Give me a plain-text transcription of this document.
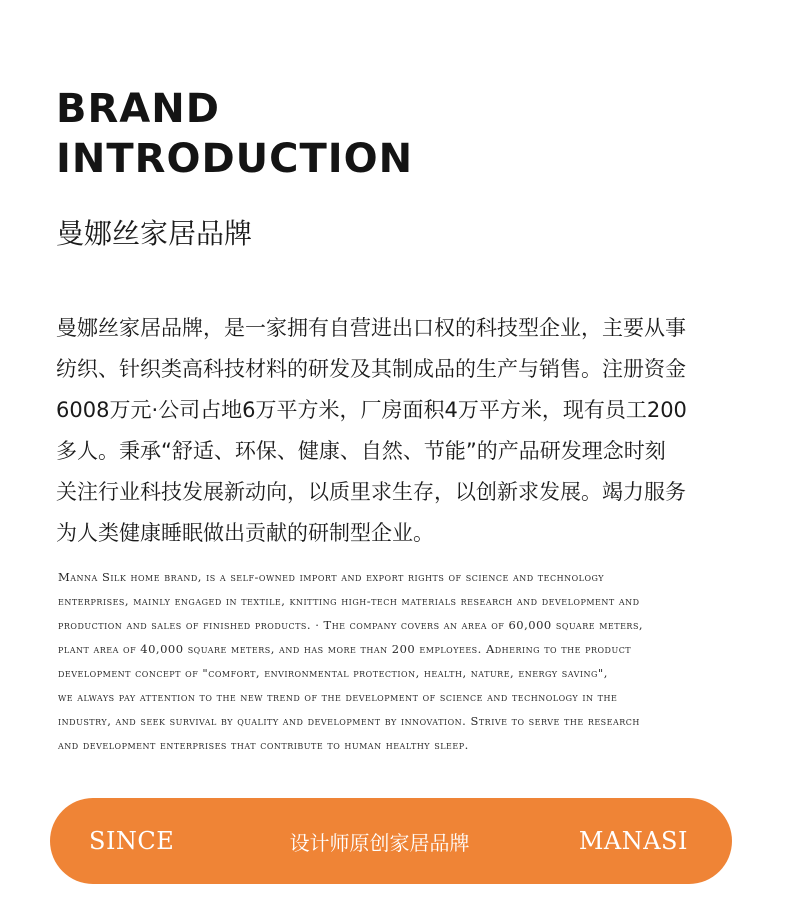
BRAND
INTRODUCTION
曼娜丝家居品牌
曼娜丝家居品牌，是一家拥有自营进出口权的科技型企业，主要从事
纺织、针织类高科技材料的研发及其制成品的生产与销售。注册资金
6008万元·公司占地6万平方米，厂房面积4万平方米，现有员工200
多人。秉承“舒适、环保、健康、自然、节能”的产品研发理念时刻
关注行业科技发展新动向，以质里求生存，以创新求发展。竭力服务
为人类健康睡眠做出贡献的研制型企业。
Manna Silk home brand, is a self-owned import and export rights of science and technology
enterprises, mainly engaged in textile, knitting high-tech materials research and development and
production and sales of finished products. · The company covers an area of 60,000 square meters,
plant area of 40,000 square meters, and has more than 200 employees. Adhering to the product
development concept of "comfort, environmental protection, health, nature, energy saving",
we always pay attention to the new trend of the development of science and technology in the
industry, and seek survival by quality and development by innovation. Strive to serve the research
and development enterprises that contribute to human healthy sleep.
SINCE	设计师原创家居品牌	MANASI
